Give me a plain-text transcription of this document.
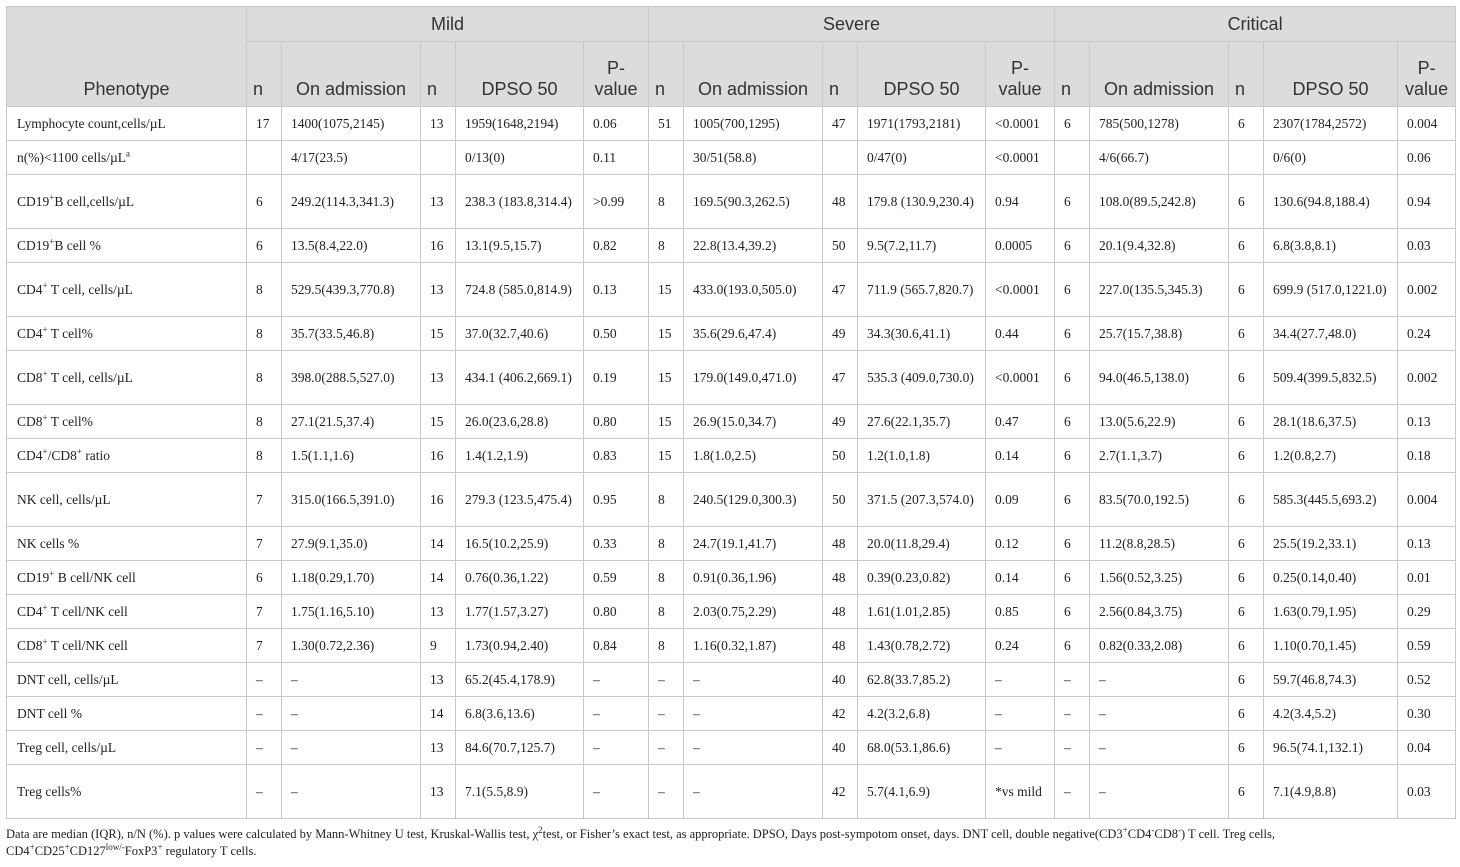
Phenotype	Mild					Severe					Critical				
	n	On admission	n	DPSO 50	P-value	n	On admission	n	DPSO 50	P-value	n	On admission	n	DPSO 50	P-value
Lymphocyte count,cells/µL	17	1400(1075,2145)	13	1959(1648,2194)	0.06	51	1005(700,1295)	47	1971(1793,2181)	<0.0001	6	785(500,1278)	6	2307(1784,2572)	0.004
n(%)<1100 cells/µL$^a$		4/17(23.5)		0/13(0)	0.11		30/51(58.8)		0/47(0)	<0.0001		4/6(66.7)		0/6(0)	0.06
CD19+B cell,cells/µL	6	249.2(114.3,341.3)	13	238.3 (183.8,314.4)	>0.99	8	169.5(90.3,262.5)	48	179.8 (130.9,230.4)	0.94	6	108.0(89.5,242.8)	6	130.6(94.8,188.4)	0.94
CD19+B cell %	6	13.5(8.4,22.0)	16	13.1(9.5,15.7)	0.82	8	22.8(13.4,39.2)	50	9.5(7.2,11.7)	0.0005	6	20.1(9.4,32.8)	6	6.8(3.8,8.1)	0.03
CD4+ T cell, cells/µL	8	529.5(439.3,770.8)	13	724.8 (585.0,814.9)	0.13	15	433.0(193.0,505.0)	47	711.9 (565.7,820.7)	<0.0001	6	227.0(135.5,345.3)	6	699.9 (517.0,1221.0)	0.002
CD4+ T cell%	8	35.7(33.5,46.8)	15	37.0(32.7,40.6)	0.50	15	35.6(29.6,47.4)	49	34.3(30.6,41.1)	0.44	6	25.7(15.7,38.8)	6	34.4(27.7,48.0)	0.24
CD8+ T cell, cells/µL	8	398.0(288.5,527.0)	13	434.1 (406.2,669.1)	0.19	15	179.0(149.0,471.0)	47	535.3 (409.0,730.0)	<0.0001	6	94.0(46.5,138.0)	6	509.4(399.5,832.5)	0.002
CD8+ T cell%	8	27.1(21.5,37.4)	15	26.0(23.6,28.8)	0.80	15	26.9(15.0,34.7)	49	27.6(22.1,35.7)	0.47	6	13.0(5.6,22.9)	6	28.1(18.6,37.5)	0.13
CD4+/CD8+ ratio	8	1.5(1.1,1.6)	16	1.4(1.2,1.9)	0.83	15	1.8(1.0,2.5)	50	1.2(1.0,1.8)	0.14	6	2.7(1.1,3.7)	6	1.2(0.8,2.7)	0.18
NK cell, cells/µL	7	315.0(166.5,391.0)	16	279.3 (123.5,475.4)	0.95	8	240.5(129.0,300.3)	50	371.5 (207.3,574.0)	0.09	6	83.5(70.0,192.5)	6	585.3(445.5,693.2)	0.004
NK cells %	7	27.9(9.1,35.0)	14	16.5(10.2,25.9)	0.33	8	24.7(19.1,41.7)	48	20.0(11.8,29.4)	0.12	6	11.2(8.8,28.5)	6	25.5(19.2,33.1)	0.13
CD19+ B cell/NK cell	6	1.18(0.29,1.70)	14	0.76(0.36,1.22)	0.59	8	0.91(0.36,1.96)	48	0.39(0.23,0.82)	0.14	6	1.56(0.52,3.25)	6	0.25(0.14,0.40)	0.01
CD4+ T cell/NK cell	7	1.75(1.16,5.10)	13	1.77(1.57,3.27)	0.80	8	2.03(0.75,2.29)	48	1.61(1.01,2.85)	0.85	6	2.56(0.84,3.75)	6	1.63(0.79,1.95)	0.29
CD8+ T cell/NK cell	7	1.30(0.72,2.36)	9	1.73(0.94,2.40)	0.84	8	1.16(0.32,1.87)	48	1.43(0.78,2.72)	0.24	6	0.82(0.33,2.08)	6	1.10(0.70,1.45)	0.59
DNT cell, cells/µL	–	–	13	65.2(45.4,178.9)	–	–	–	40	62.8(33.7,85.2)	–	–	–	6	59.7(46.8,74.3)	0.52
DNT cell %	–	–	14	6.8(3.6,13.6)	–	–	–	42	4.2(3.2,6.8)	–	–	–	6	4.2(3.4,5.2)	0.30
Treg cell, cells/µL	–	–	13	84.6(70.7,125.7)	–	–	–	40	68.0(53.1,86.6)	–	–	–	6	96.5(74.1,132.1)	0.04
Treg cells%	–	–	13	7.1(5.5,8.9)	–	–	–	42	5.7(4.1,6.9)	*vs mild	–	–	6	7.1(4.9,8.8)	0.03
Data are median (IQR), n/N (%). p values were calculated by Mann-Whitney U test, Kruskal-Wallis test, $\chi^2test$, or Fisher’s exact test, as appropriate. DPSO, Days post-sympotom onset, days. DNT cell, double negative(CD3+CD4-CD8-) T cell. Treg cells,
$CD4^+CD25^+CD127^{low/-}FoxP3^+$ regulatory T cells.
